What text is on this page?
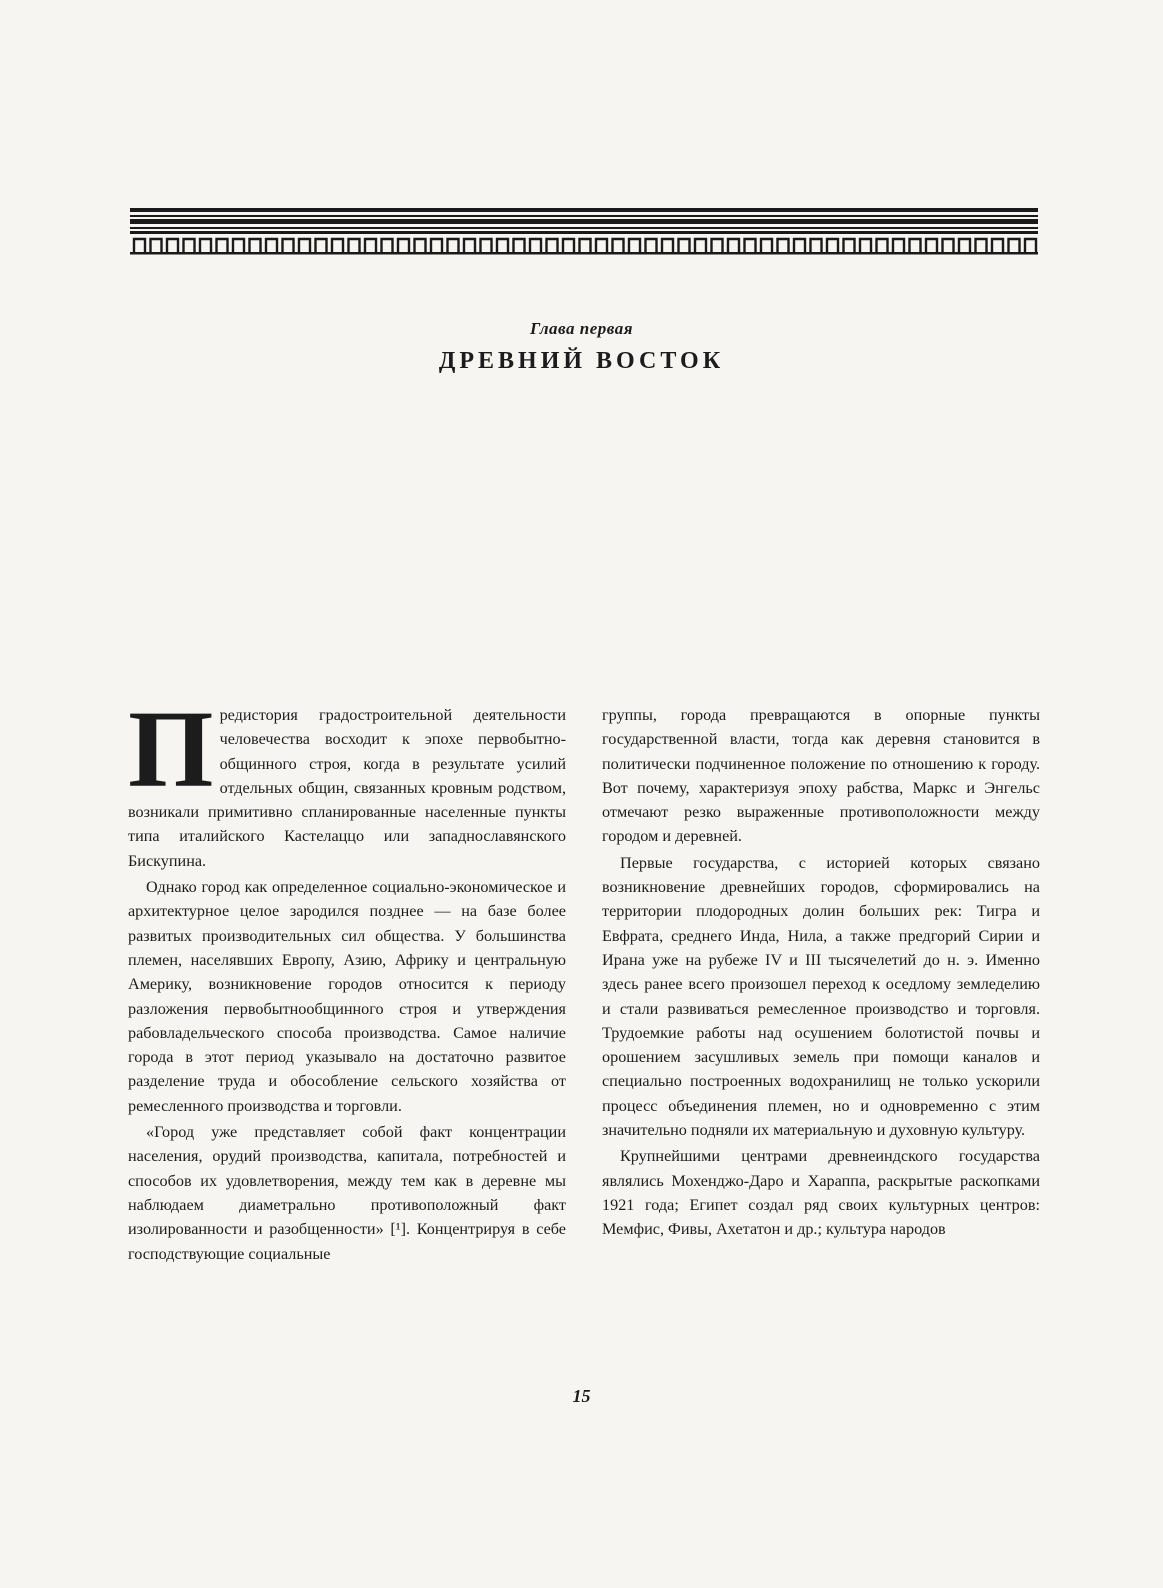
Глава первая
ДРЕВНИЙ ВОСТОК

Предистория градостроительной деятельности человечества восходит к эпохе первобытно-общинного строя, когда в результате усилий отдельных общин, связанных кровным родством, возникали примитивно спланированные населенные пункты типа италийского Кастелаццо или западнославянского Бискупина.

Однако город как определенное социально-экономическое и архитектурное целое зародился позднее — на базе более развитых производительных сил общества. У большинства племен, населявших Европу, Азию, Африку и центральную Америку, возникновение городов относится к периоду разложения первобытнообщинного строя и утверждения рабовладельческого способа производства. Самое наличие города в этот период указывало на достаточно развитое разделение труда и обособление сельского хозяйства от ремесленного производства и торговли.

«Город уже представляет собой факт концентрации населения, орудий производства, капитала, потребностей и способов их удовлетворения, между тем как в деревне мы наблюдаем диаметрально противоположный факт изолированности и разобщенности» [¹]. Концентрируя в себе господствующие социальные

группы, города превращаются в опорные пункты государственной власти, тогда как деревня становится в политически подчиненное положение по отношению к городу. Вот почему, характеризуя эпоху рабства, Маркс и Энгельс отмечают резко выраженные противоположности между городом и деревней.

Первые государства, с историей которых связано возникновение древнейших городов, сформировались на территории плодородных долин больших рек: Тигра и Евфрата, среднего Инда, Нила, а также предгорий Сирии и Ирана уже на рубеже IV и III тысячелетий до н. э. Именно здесь ранее всего произошел переход к оседлому земледелию и стали развиваться ремесленное производство и торговля. Трудоемкие работы над осушением болотистой почвы и орошением засушливых земель при помощи каналов и специально построенных водохранилищ не только ускорили процесс объединения племен, но и одновременно с этим значительно подняли их материальную и духовную культуру.

Крупнейшими центрами древнеиндского государства являлись Мохенджо-Даро и Хараппа, раскрытые раскопками 1921 года; Египет создал ряд своих культурных центров: Мемфис, Фивы, Ахетатон и др.; культура народов

15
